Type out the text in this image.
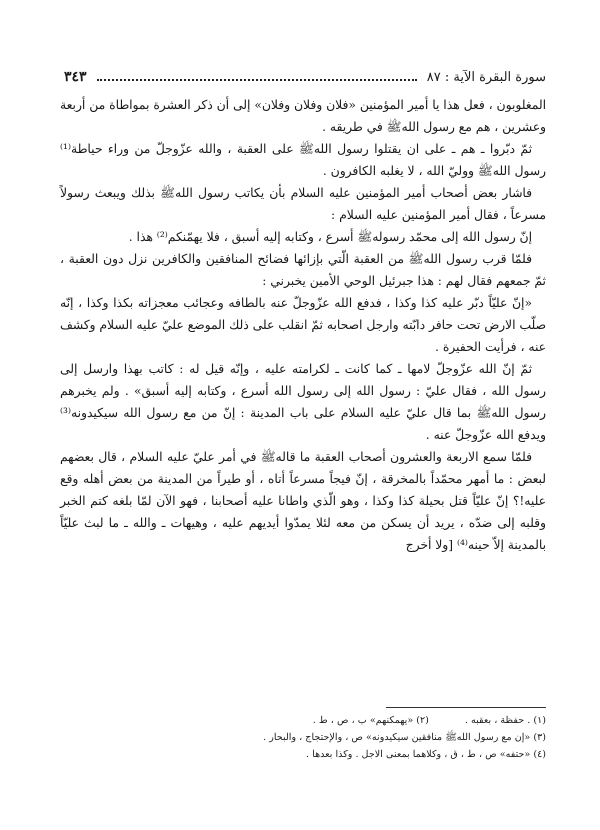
سورة البقرة الآية : ٨٧
٣٤٣

المغلوبون ، فعل هذا يا أمير المؤمنين «فلان وفلان وفلان» إلى أن ذكر العشرة بمواطاة من أربعة وعشرين ، هم مع رسول اللهﷺ في طريقه .

ثمّ دبّروا ـ هم ـ على ان يقتلوا رسول اللهﷺ على العقبة ، والله عزّوجلّ من وراء حياطة⁽¹⁾ رسول اللهﷺ ووليّ الله ، لا يغلبه الكافرون .

فاشار بعض أصحاب أمير المؤمنين عليه السلام بأن يكاتب رسول اللهﷺ بذلك ويبعث رسولاً مسرعاً ، فقال أمير المؤمنين عليه السلام :

إنّ رسول الله إلى محمّد رسولهﷺ أسرع ، وكتابه إليه أسبق ، فلا يهمّنكم⁽²⁾ هذا .

فلمّا قرب رسول اللهﷺ من العقبة الّتي بإزائها فضائح المنافقين والكافرين نزل دون العقبة ، ثمّ جمعهم فقال لهم : هذا جبرئيل الوحي الأمين يخبرني :

«إنّ عليّاً دبّر عليه كذا وكذا ، فدفع الله عزّوجلّ عنه بالطافه وعجائب معجزاته بكذا وكذا ، إنّه صلّب الارض تحت حافر دابّته وارجل اصحابه ثمّ انقلب على ذلك الموضع عليّ عليه السلام وكشف عنه ، فرأيت الحفيرة .

ثمّ إنّ الله عزّوجلّ لامها ـ كما كانت ـ لكرامته عليه ، وإنّه قيل له : كاتب بهذا وارسل إلى رسول الله ، فقال عليّ : رسول الله إلى رسول الله أسرع ، وكتابه إليه أسبق» . ولم يخبرهم رسول اللهﷺ بما قال عليّ عليه السلام على باب المدينة : إنّ من مع رسول الله سيكيدونه⁽³⁾ ويدفع الله عزّوجلّ عنه .

فلمّا سمع الاربعة والعشرون أصحاب العقبة ما قالهﷺ في أمر عليّ عليه السلام ، قال بعضهم لبعض : ما أمهر محمّداً بالمخرقة ، إنّ فيجاً مسرعاً أتاه ، أو طيراً من المدينة من بعض أهله وقع عليه!؟ إنّ عليّاً قتل بحيلة كذا وكذا ، وهو الّذي واطانا عليه أصحابنا ، فهو الآن لمّا بلغه كتم الخبر وقلبه إلى ضدّه ، يريد أن يسكن من معه لئلا يمدّوا أيديهم عليه ، وهيهات ـ والله ـ ما لبث عليّاً بالمدينة إلاّ حينه⁽⁴⁾ [ولا أخرج

(١) . حفظة ، بعقبه .
(٢) «يهمكنهم» ب ، ص ، ط .
(٣) «إن مع رسول اللهﷺ منافقين سيكيدونه» ص ، والإحتجاج ، والبحار .
(٤) «حتفه» ص ، ط ، ق ، وكلاهما بمعنى الاجل . وكذا بعدها .
